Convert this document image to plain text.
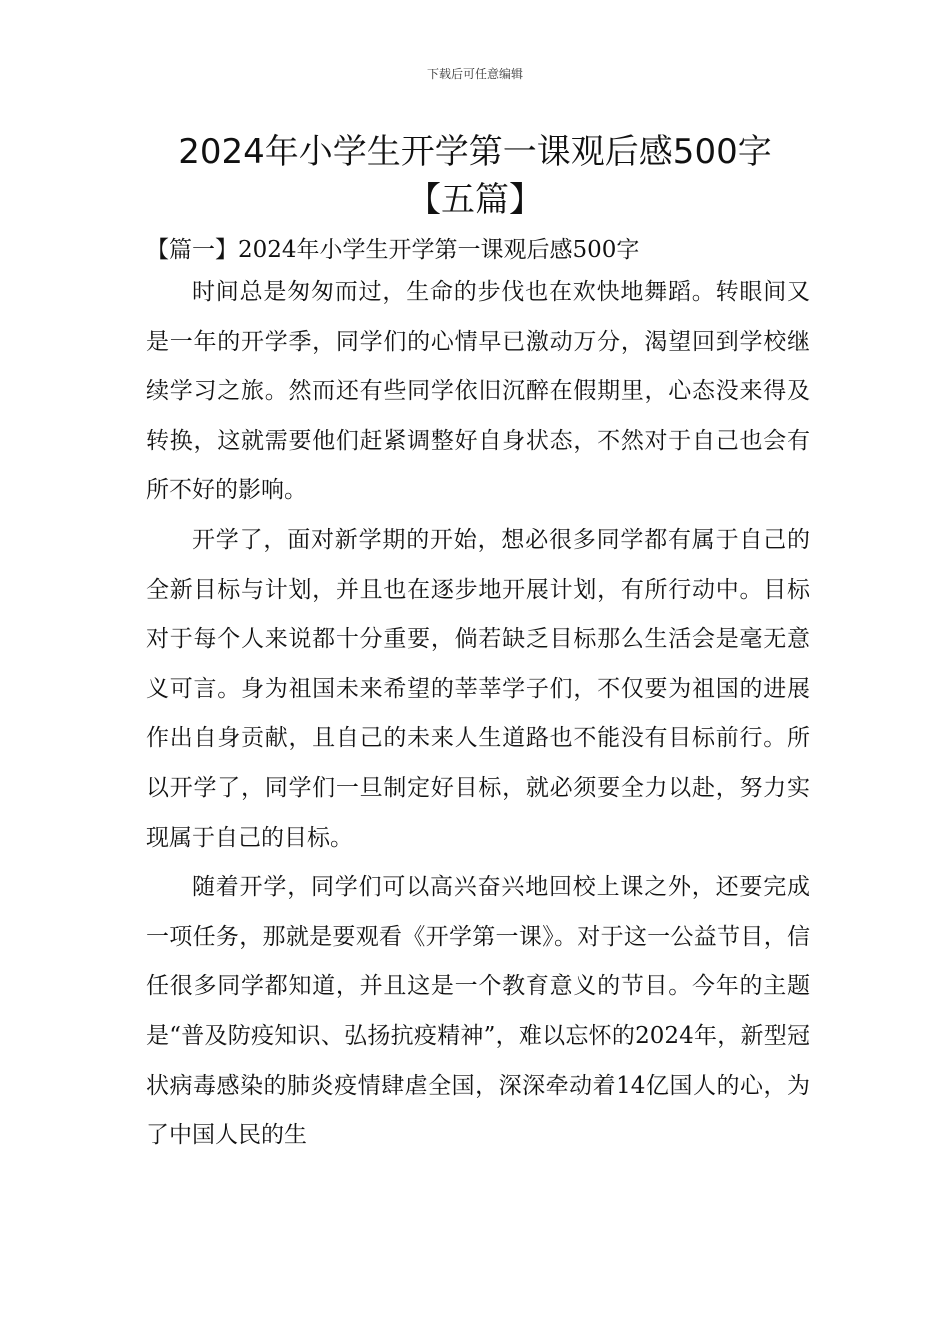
下载后可任意编辑
2024年小学生开学第一课观后感500字
【五篇】
【篇一】2024年小学生开学第一课观后感500字

时间总是匆匆而过，生命的步伐也在欢快地舞蹈。转眼间又是一年的开学季，同学们的心情早已激动万分，渴望回到学校继续学习之旅。然而还有些同学依旧沉醉在假期里，心态没来得及转换，这就需要他们赶紧调整好自身状态，不然对于自己也会有所不好的影响。

开学了，面对新学期的开始，想必很多同学都有属于自己的全新目标与计划，并且也在逐步地开展计划，有所行动中。目标对于每个人来说都十分重要，倘若缺乏目标那么生活会是毫无意义可言。身为祖国未来希望的莘莘学子们，不仅要为祖国的进展作出自身贡献，且自己的未来人生道路也不能没有目标前行。所以开学了，同学们一旦制定好目标，就必须要全力以赴，努力实现属于自己的目标。

随着开学，同学们可以高兴奋兴地回校上课之外，还要完成一项任务，那就是要观看《开学第一课》。对于这一公益节目，信任很多同学都知道，并且这是一个教育意义的节目。今年的主题是“普及防疫知识、弘扬抗疫精神”，难以忘怀的2024年，新型冠状病毒感染的肺炎疫情肆虐全国，深深牵动着14亿国人的心，为了中国人民的生
